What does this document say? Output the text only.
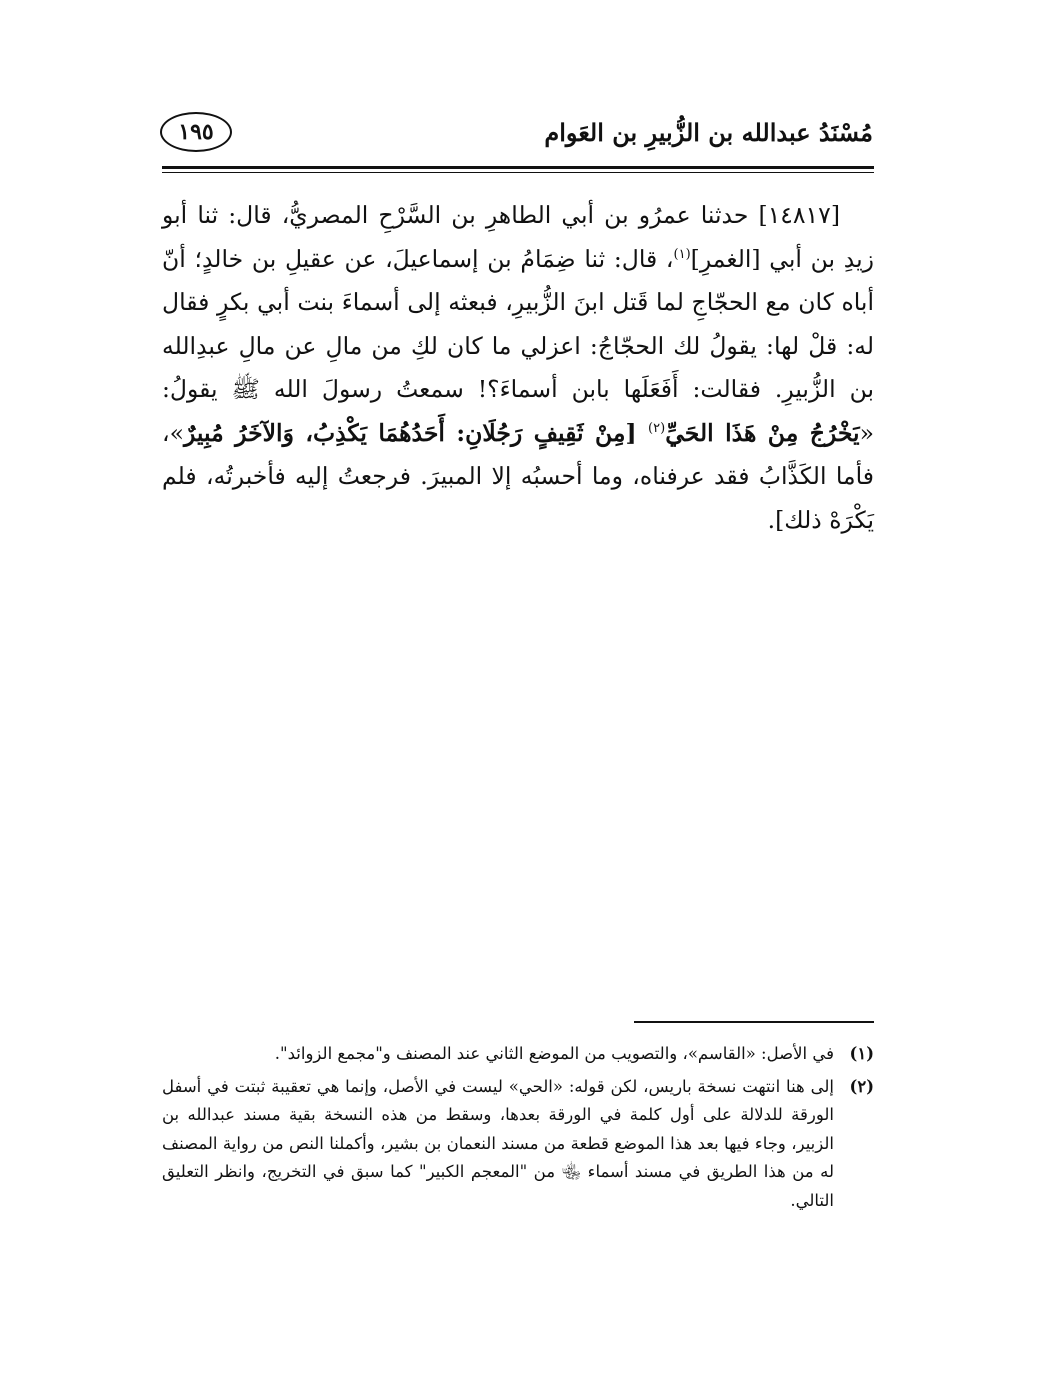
مُسْنَدُ عبدالله بن الزُّبيرِ بن العَوام
١٩٥

[١٤٨١٧] حدثنا عمرُو بن أبي الطاهرِ بن السَّرْحِ المصريُّ، قال: ثنا أبو زيدِ بن أبي [الغمرِ]$^{(١)}$، قال: ثنا ضِمَامُ بن إسماعيلَ، عن عقيلِ بن خالدٍ؛ أنّ أباه كان مع الحجّاجِ لما قَتل ابنَ الزُّبيرِ، فبعثه إلى أسماءَ بنت أبي بكرٍ فقال له: قلْ لها: يقولُ لك الحجّاجُ: اعزلي ما كان لكِ من مالِ عن مالِ عبدِالله بن الزُّبيرِ. فقالت: أَفَعَلَها بابن أسماءَ؟! سمعتُ رسولَ الله ﷺ يقولُ: «يَخْرُجُ مِنْ هَذَا الحَيِّ$^{(٢)}$ [مِنْ ثَقِيفٍ رَجُلَانِ: أَحَدُهُمَا يَكْذِبُ، وَالآخَرُ مُبِيرٌ»، فأما الكَذَّابُ فقد عرفناه، وما أحسبُه إلا المبيرَ. فرجعتُ إليه فأخبرتُه، فلم يَكْرَهْ ذلك].

(١)
في الأصل: «القاسم»، والتصويب من الموضع الثاني عند المصنف و"مجمع الزوائد".
(٢)
إلى هنا انتهت نسخة باريس، لكن قوله: «الحي» ليست في الأصل، وإنما هي تعقيبة ثبتت في أسفل الورقة للدلالة على أول كلمة في الورقة بعدها، وسقط من هذه النسخة بقية مسند عبدالله بن الزبير، وجاء فيها بعد هذا الموضع قطعة من مسند النعمان بن بشير، وأكملنا النص من رواية المصنف له من هذا الطريق في مسند أسماء ﵄ من "المعجم الكبير" كما سبق في التخريج، وانظر التعليق التالي.
